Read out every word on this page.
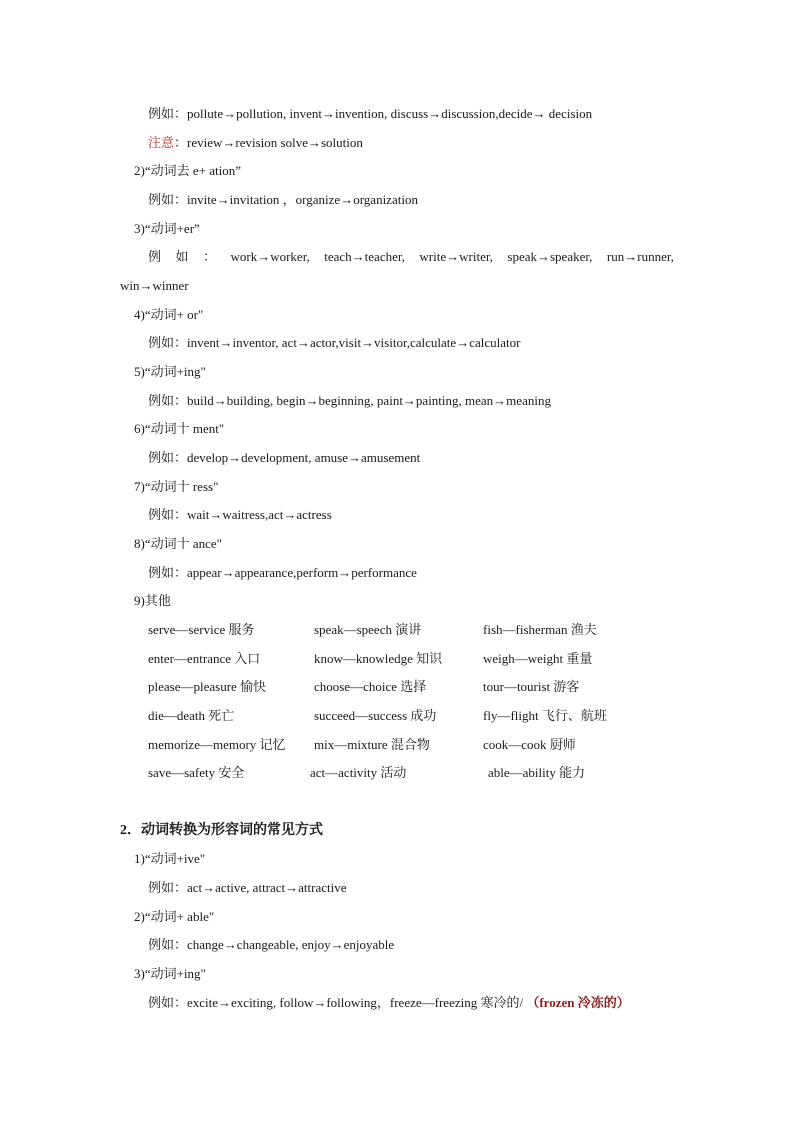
例如：pollute→pollution, invent→invention, discuss→discussion,decide→ decision
注意：review→revision solve→solution
2)“动词去 e+ ation”
例如：invite→invitation ，organize→organization
3)“动词+er”
例 如 ： work→worker, teach→teacher, write→writer, speak→speaker, run→runner,
win→winner
4)“动词+ or"
例如：invent→inventor, act→actor,visit→visitor,calculate→calculator
5)“动词+ing"
例如：build→building, begin→beginning, paint→painting, mean→meaning
6)“动词十 ment"
例如：develop→development, amuse→amusement
7)“动词十 ress"
例如：wait→waitress,act→actress
8)“动词十 ance"
例如：appear→appearance,perform→performance
9)其他
serve—service 服务	speak—speech 演讲	fish—fisherman 渔夫
enter—entrance 入口	know—knowledge 知识	weigh—weight 重量
please—pleasure 愉快	choose—choice 选择	tour—tourist 游客
die—death 死亡	succeed—success 成功	fly—flight 飞行、航班
memorize—memory 记忆 mix—mixture 混合物	cook—cook 厨师
save—safety 安全	act—activity 活动	able—ability 能力
2．动词转换为形容词的常见方式
1)“动词+ive"
例如：act→active, attract→attractive
2)“动词+ able"
例如：change→changeable, enjoy→enjoyable
3)“动词+ing"
例如：excite→exciting, follow→following，freeze—freezing 寒冷的/ （frozen 冷冻的）
